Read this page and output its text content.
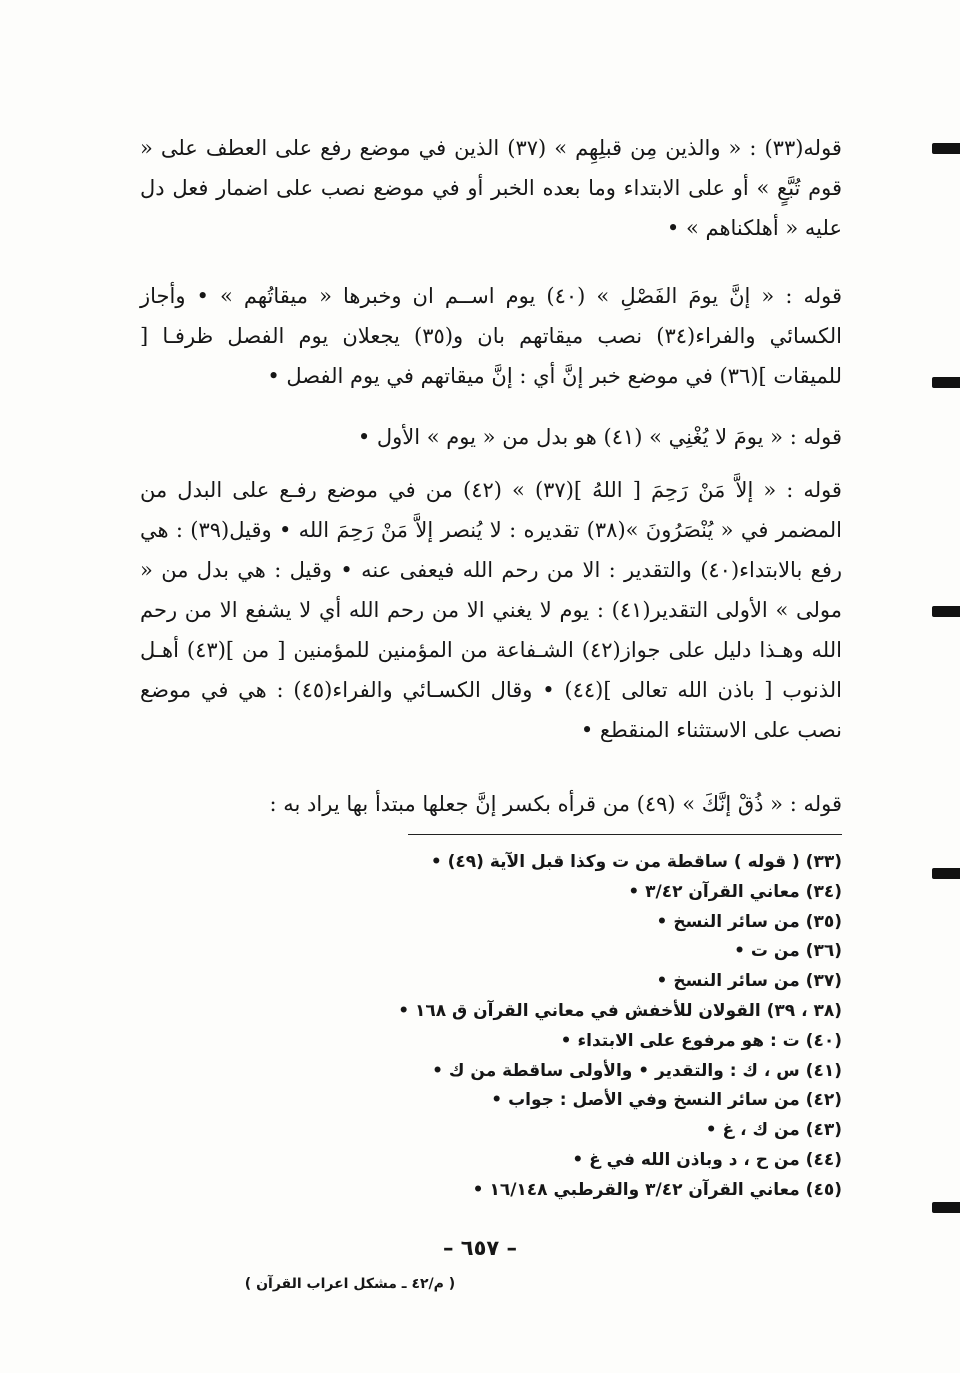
قوله(٣٣) : « والذين مِن قبلِهِم » (٣٧) الذين في موضع رفع على العطف على « قوم تُبَّعٍ » أو على الابتداء وما بعده الخبر أو في موضع نصب على اضمار فعل دل عليه « أهلكناهم » •

قوله : « إنَّ يومَ الفَصْلِ » (٤٠) يوم اســم ان وخبرها « ميقاتُهم » • وأجاز الكسائي والفراء(٣٤) نصب ميقاتهم بان و(٣٥) يجعلان يوم الفصل ظرفـا [ للميقات ](٣٦) في موضع خبر إنَّ أي : إنَّ ميقاتهم في يوم الفصل •

قوله : « يومَ لا يُغْنِي » (٤١) هو بدل من « يوم » الأول •

قوله : « إلاَّ مَنْ رَحِمَ [ اللهُ ](٣٧) » (٤٢) من في موضع رفـع على البدل من المضمر في « يُنْصَرُونَ »(٣٨) تقديره : لا يُنصر إلاَّ مَنْ رَحِمَ الله • وقيل(٣٩) : هي رفع بالابتداء(٤٠) والتقدير : الا من رحم الله فيعفى عنه • وقيل : هي بدل من « مولى » الأولى التقدير(٤١) : يوم لا يغني الا من رحم الله أي لا يشفع الا من رحم الله وهـذا دليل على جواز(٤٢) الشـفاعة من المؤمنين للمؤمنين [ من ](٤٣) أهـل الذنوب [ باذن الله تعالى ](٤٤) • وقال الكسـائي والفراء(٤٥) : هي في موضع نصب على الاستثناء المنقطع •

قوله : « ذُقْ إنَّكَ » (٤٩) من قرأه بكسر إنَّ جعلها مبتدأ بها يراد به :

(٣٣) ( قوله ) ساقطة من ت وكذا قبل الآية (٤٩) •
(٣٤) معاني القرآن ٣/٤٢ •
(٣٥) من سائر النسخ •
(٣٦) من ت •
(٣٧) من سائر النسخ •
(٣٨ ، ٣٩) القولان للأخفش في معاني القرآن ق ١٦٨ •
(٤٠) ت : هو مرفوع على الابتداء •
(٤١) س ، ك : والتقدير • والأولى ساقطة من ك •
(٤٢) من سائر النسخ وفي الأصل : جواب •
(٤٣) من ك ، غ •
(٤٤) من ح ، د وباذن الله في غ •
(٤٥) معاني القرآن ٣/٤٢ والقرطبي ١٦/١٤٨ •
– ٦٥٧ –
( م/٤٢ ـ مشكل اعراب القرآن )
